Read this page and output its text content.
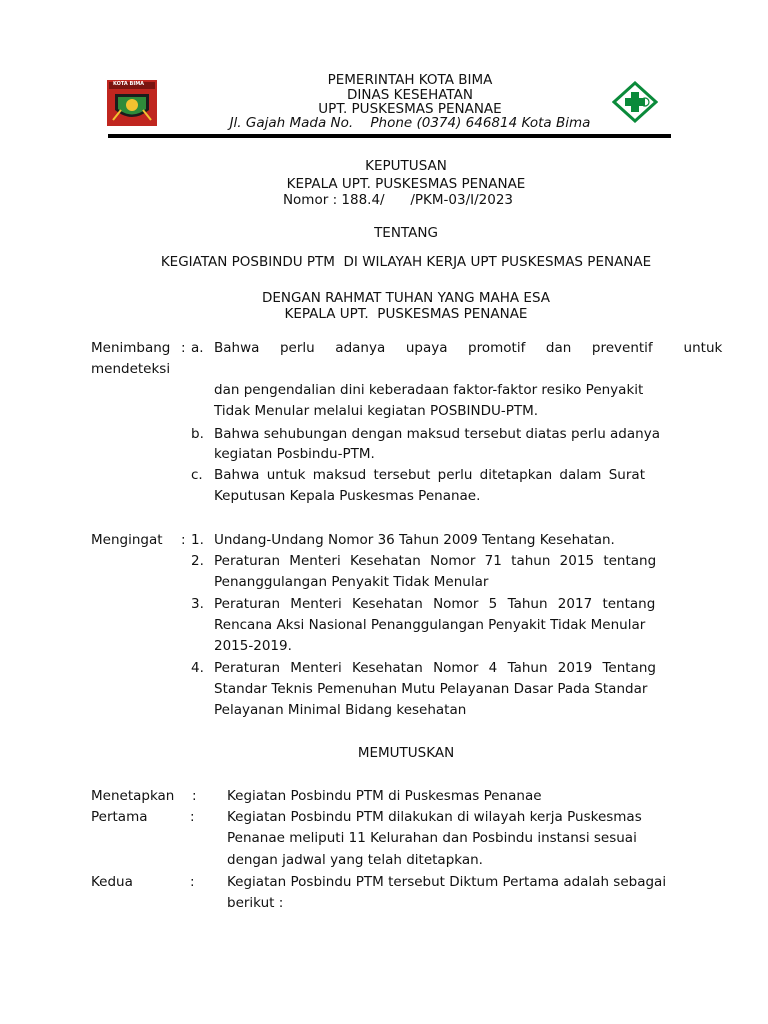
KOTA BIMA	PEMERINTAH KOTA BIMA
DINAS KESEHATAN
UPT. PUSKESMAS PENANAE
Jl. Gajah Mada No.    Phone (0374) 646814 Kota Bima
KEPUTUSAN
KEPALA UPT. PUSKESMAS PENANAE
Nomor : 188.4/      /PKM-03/I/2023
TENTANG
KEGIATAN POSBINDU PTM  DI WILAYAH KERJA UPT PUSKESMAS PENANAE
DENGAN RAHMAT TUHAN YANG MAHA ESA
KEPALA UPT.  PUSKESMAS PENANAE
Menimbang : a. Bahwa  perlu  adanya  upaya  promotif  dan  preventif   untuk
mendeteksi
dan pengendalian dini keberadaan faktor-faktor resiko Penyakit
Tidak Menular melalui kegiatan POSBINDU-PTM.
b. Bahwa sehubungan dengan maksud tersebut diatas perlu adanya
kegiatan Posbindu-PTM.
c. Bahwa untuk maksud tersebut perlu ditetapkan dalam Surat
Keputusan Kepala Puskesmas Penanae.
Mengingat : 1. Undang-Undang Nomor 36 Tahun 2009 Tentang Kesehatan.
2. Peraturan Menteri Kesehatan Nomor 71 tahun 2015 tentang
Penanggulangan Penyakit Tidak Menular
3. Peraturan Menteri Kesehatan Nomor 5 Tahun 2017 tentang
Rencana Aksi Nasional Penanggulangan Penyakit Tidak Menular
2015-2019.
4. Peraturan Menteri Kesehatan Nomor 4 Tahun 2019 Tentang
Standar Teknis Pemenuhan Mutu Pelayanan Dasar Pada Standar
Pelayanan Minimal Bidang kesehatan
MEMUTUSKAN
Menetapkan : Kegiatan Posbindu PTM di Puskesmas Penanae
Pertama	: Kegiatan Posbindu PTM dilakukan di wilayah kerja Puskesmas
Penanae meliputi 11 Kelurahan dan Posbindu instansi sesuai
dengan jadwal yang telah ditetapkan.
Kedua	: Kegiatan Posbindu PTM tersebut Diktum Pertama adalah sebagai
berikut :
